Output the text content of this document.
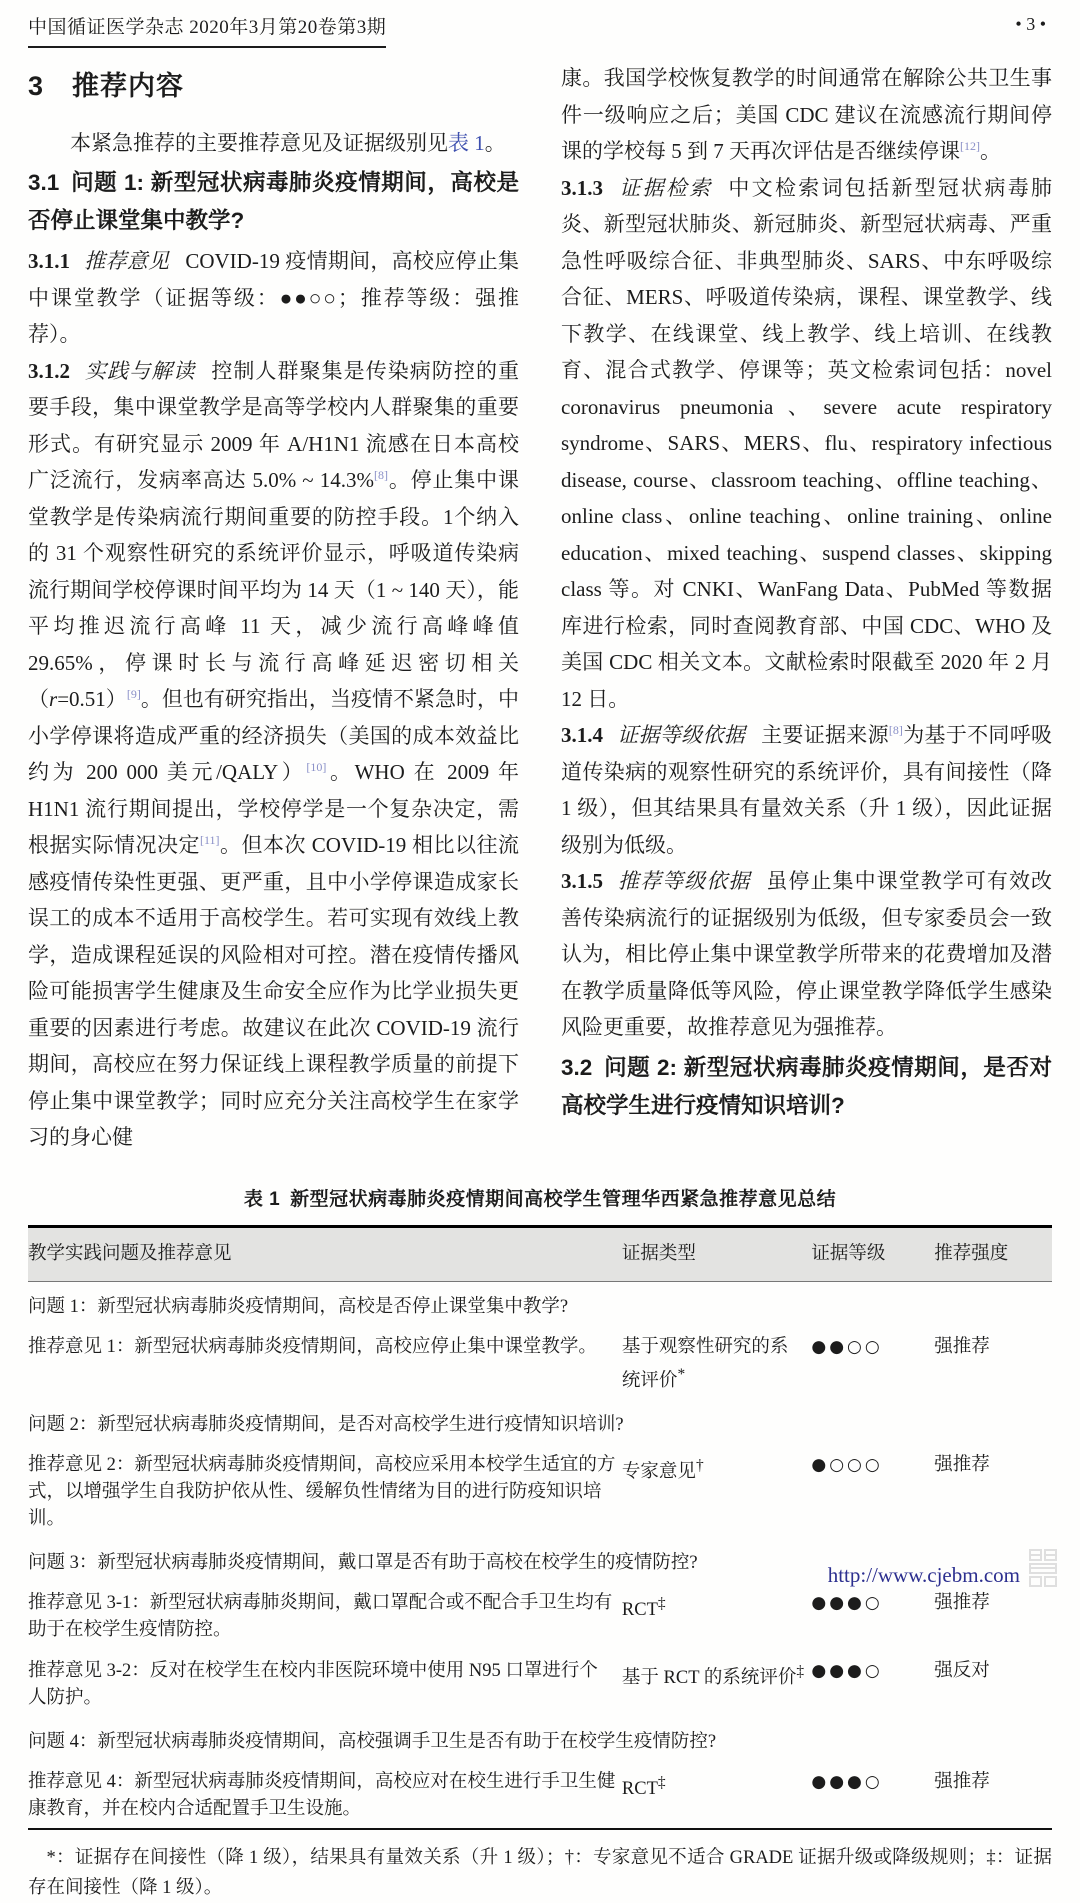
中国循证医学杂志 2020年3月第20卷第3期	• 3 •
3 推荐内容

本紧急推荐的主要推荐意见及证据级别见表 1。

3.1 问题 1: 新型冠状病毒肺炎疫情期间，高校是否停止课堂集中教学?

3.1.1 推荐意见 COVID-19 疫情期间，高校应停止集中课堂教学（证据等级：●●○○；推荐等级：强推荐）。

3.1.2 实践与解读 控制人群聚集是传染病防控的重要手段，集中课堂教学是高等学校内人群聚集的重要形式。有研究显示 2009 年 A/H1N1 流感在日本高校广泛流行，发病率高达 5.0% ~ 14.3%[8]。停止集中课堂教学是传染病流行期间重要的防控手段。1个纳入的 31 个观察性研究的系统评价显示，呼吸道传染病流行期间学校停课时间平均为 14 天（1 ~ 140 天），能平均推迟流行高峰 11 天，减少流行高峰峰值 29.65%，停课时长与流行高峰延迟密切相关（r=0.51）[9]。但也有研究指出，当疫情不紧急时，中小学停课将造成严重的经济损失（美国的成本效益比约为 200 000 美元/QALY）[10]。WHO 在 2009 年 H1N1 流行期间提出，学校停学是一个复杂决定，需根据实际情况决定[11]。但本次 COVID-19 相比以往流感疫情传染性更强、更严重，且中小学停课造成家长误工的成本不适用于高校学生。若可实现有效线上教学，造成课程延误的风险相对可控。潜在疫情传播风险可能损害学生健康及生命安全应作为比学业损失更重要的因素进行考虑。故建议在此次 COVID-19 流行期间，高校应在努力保证线上课程教学质量的前提下停止集中课堂教学；同时应充分关注高校学生在家学习的身心健

康。我国学校恢复教学的时间通常在解除公共卫生事件一级响应之后；美国 CDC 建议在流感流行期间停课的学校每 5 到 7 天再次评估是否继续停课[12]。

3.1.3 证据检索 中文检索词包括新型冠状病毒肺炎、新型冠状肺炎、新冠肺炎、新型冠状病毒、严重急性呼吸综合征、非典型肺炎、SARS、中东呼吸综合征、MERS、呼吸道传染病，课程、课堂教学、线下教学、在线课堂、线上教学、线上培训、在线教育、混合式教学、停课等；英文检索词包括：novel coronavirus pneumonia、severe acute respiratory syndrome、SARS、MERS、flu、respiratory infectious disease, course、classroom teaching、offline teaching、online class、online teaching、online training、online education、mixed teaching、suspend classes、skipping class 等。对 CNKI、WanFang Data、PubMed 等数据库进行检索，同时查阅教育部、中国 CDC、WHO 及美国 CDC 相关文本。文献检索时限截至 2020 年 2 月 12 日。

3.1.4 证据等级依据 主要证据来源[8]为基于不同呼吸道传染病的观察性研究的系统评价，具有间接性（降 1 级），但其结果具有量效关系（升 1 级），因此证据级别为低级。

3.1.5 推荐等级依据 虽停止集中课堂教学可有效改善传染病流行的证据级别为低级，但专家委员会一致认为，相比停止集中课堂教学所带来的花费增加及潜在教学质量降低等风险，停止课堂教学降低学生感染风险更重要，故推荐意见为强推荐。

3.2 问题 2: 新型冠状病毒肺炎疫情期间，是否对高校学生进行疫情知识培训?
表 1 新型冠状病毒肺炎疫情期间高校学生管理华西紧急推荐意见总结
教学实践问题及推荐意见	证据类型	证据等级	推荐强度
问题 1：新型冠状病毒肺炎疫情期间，高校是否停止课堂集中教学?			
推荐意见 1：新型冠状病毒肺炎疫情期间，高校应停止集中课堂教学。	基于观察性研究的系统评价*	●●○○	强推荐
问题 2：新型冠状病毒肺炎疫情期间，是否对高校学生进行疫情知识培训?			
推荐意见 2：新型冠状病毒肺炎疫情期间，高校应采用本校学生适宜的方式，以增强学生自我防护依从性、缓解负性情绪为目的进行防疫知识培训。	专家意见†	●○○○	强推荐
问题 3：新型冠状病毒肺炎疫情期间，戴口罩是否有助于高校在校学生的疫情防控?			
推荐意见 3-1：新型冠状病毒肺炎期间，戴口罩配合或不配合手卫生均有助于在校学生疫情防控。	RCT‡	●●●○	强推荐
推荐意见 3-2：反对在校学生在校内非医院环境中使用 N95 口罩进行个人防护。	基于 RCT 的系统评价‡	●●●○	强反对
问题 4：新型冠状病毒肺炎疫情期间，高校强调手卫生是否有助于在校学生疫情防控?			
推荐意见 4：新型冠状病毒肺炎疫情期间，高校应对在校生进行手卫生健康教育，并在校内合适配置手卫生设施。	RCT‡	●●●○	强推荐

*：证据存在间接性（降 1 级），结果具有量效关系（升 1 级）；†：专家意见不适合 GRADE 证据升级或降级规则；‡：证据存在间接性（降 1 级）。

http://www.cjebm.com
